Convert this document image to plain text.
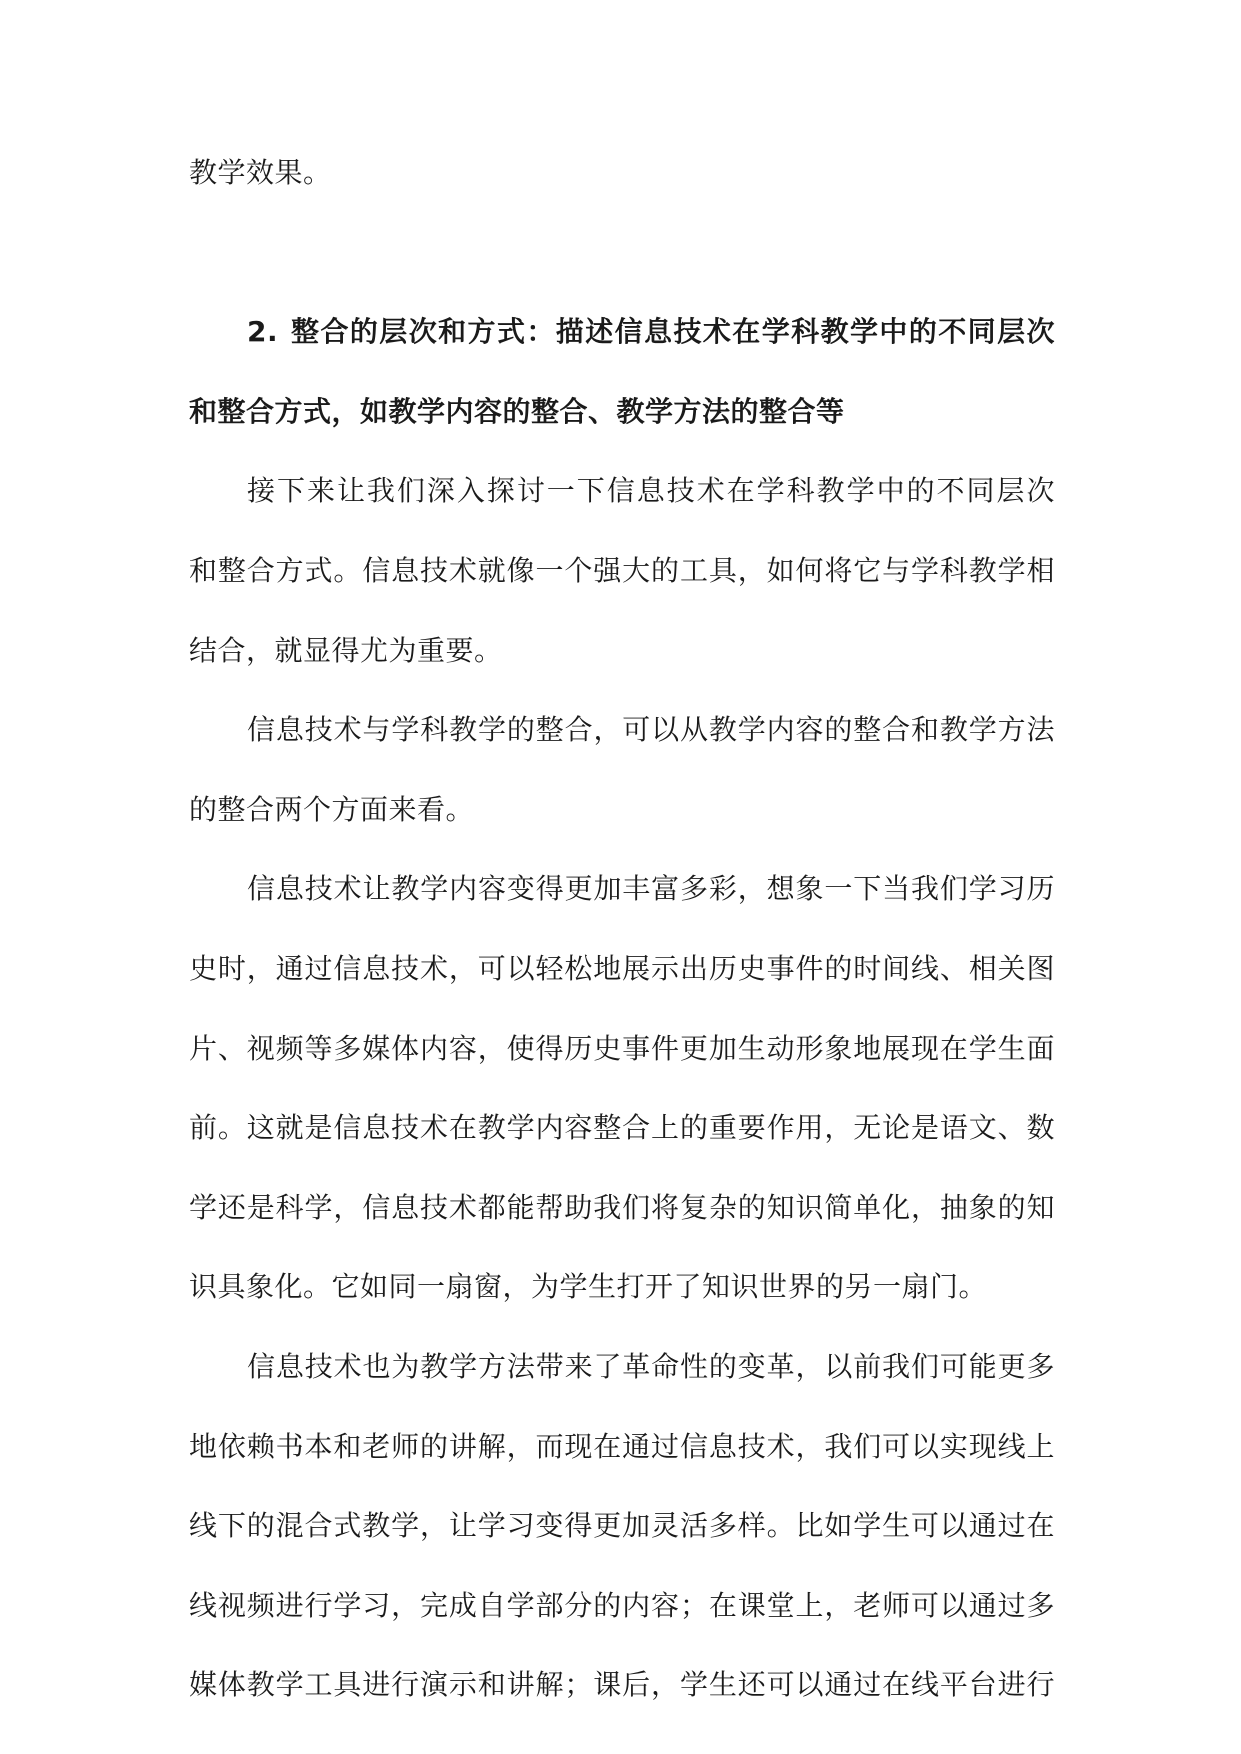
教学效果。
2. 整合的层次和方式：描述信息技术在学科教学中的不同层次
和整合方式，如教学内容的整合、教学方法的整合等
接下来让我们深入探讨一下信息技术在学科教学中的不同层次
和整合方式。信息技术就像一个强大的工具，如何将它与学科教学相
结合，就显得尤为重要。
信息技术与学科教学的整合，可以从教学内容的整合和教学方法
的整合两个方面来看。
信息技术让教学内容变得更加丰富多彩，想象一下当我们学习历
史时，通过信息技术，可以轻松地展示出历史事件的时间线、相关图
片、视频等多媒体内容，使得历史事件更加生动形象地展现在学生面
前。这就是信息技术在教学内容整合上的重要作用，无论是语文、数
学还是科学，信息技术都能帮助我们将复杂的知识简单化，抽象的知
识具象化。它如同一扇窗，为学生打开了知识世界的另一扇门。
信息技术也为教学方法带来了革命性的变革，以前我们可能更多
地依赖书本和老师的讲解，而现在通过信息技术，我们可以实现线上
线下的混合式教学，让学习变得更加灵活多样。比如学生可以通过在
线视频进行学习，完成自学部分的内容；在课堂上，老师可以通过多
媒体教学工具进行演示和讲解；课后，学生还可以通过在线平台进行
